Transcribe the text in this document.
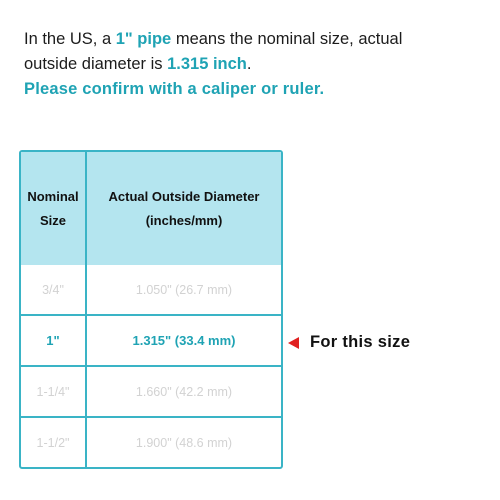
In the US, a 1" pipe means the nominal size, actual
outside diameter is 1.315 inch.
Please confirm with a caliper or ruler.
Nominal
Size	Actual Outside Diameter
(inches/mm)
3/4"	1.050" (26.7 mm)
1"	1.315" (33.4 mm)
1-1/4"	1.660" (42.2 mm)
1-1/2"	1.900" (48.6 mm)
For this size
